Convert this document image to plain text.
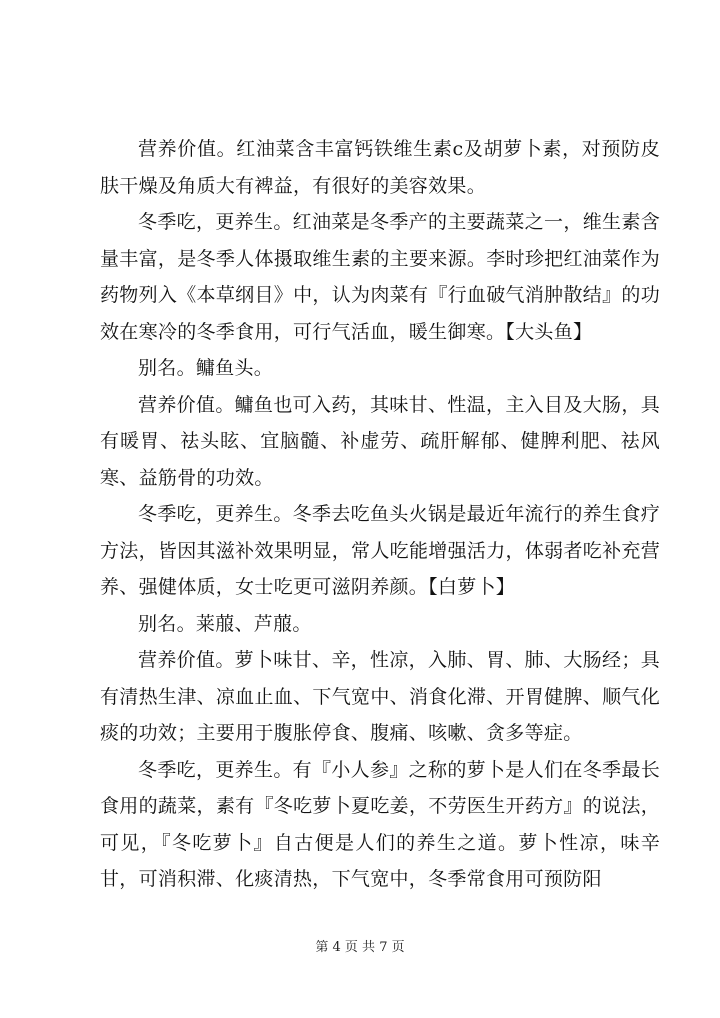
营养价值。红油菜含丰富钙铁维生素c及胡萝卜素，对预防皮肤干燥及角质大有裨益，有很好的美容效果。

冬季吃，更养生。红油菜是冬季产的主要蔬菜之一，维生素含量丰富，是冬季人体摄取维生素的主要来源。李时珍把红油菜作为药物列入《本草纲目》中，认为肉菜有『行血破气消肿散结』的功效在寒冷的冬季食用，可行气活血，暖生御寒。【大头鱼】

别名。鳙鱼头。

营养价值。鳙鱼也可入药，其味甘、性温，主入目及大肠，具有暖胃、祛头眩、宜脑髓、补虚劳、疏肝解郁、健脾利肥、祛风寒、益筋骨的功效。

冬季吃，更养生。冬季去吃鱼头火锅是最近年流行的养生食疗方法，皆因其滋补效果明显，常人吃能增强活力，体弱者吃补充营养、强健体质，女士吃更可滋阴养颜。【白萝卜】

别名。莱菔、芦菔。

营养价值。萝卜味甘、辛，性凉，入肺、胃、肺、大肠经；具有清热生津、凉血止血、下气宽中、消食化滞、开胃健脾、顺气化痰的功效；主要用于腹胀停食、腹痛、咳嗽、贪多等症。

冬季吃，更养生。有『小人参』之称的萝卜是人们在冬季最长食用的蔬菜，素有『冬吃萝卜夏吃姜，不劳医生开药方』的说法，可见，『冬吃萝卜』自古便是人们的养生之道。萝卜性凉，味辛甘，可消积滞、化痰清热，下气宽中，冬季常食用可预防阳

第 4 页 共 7 页
